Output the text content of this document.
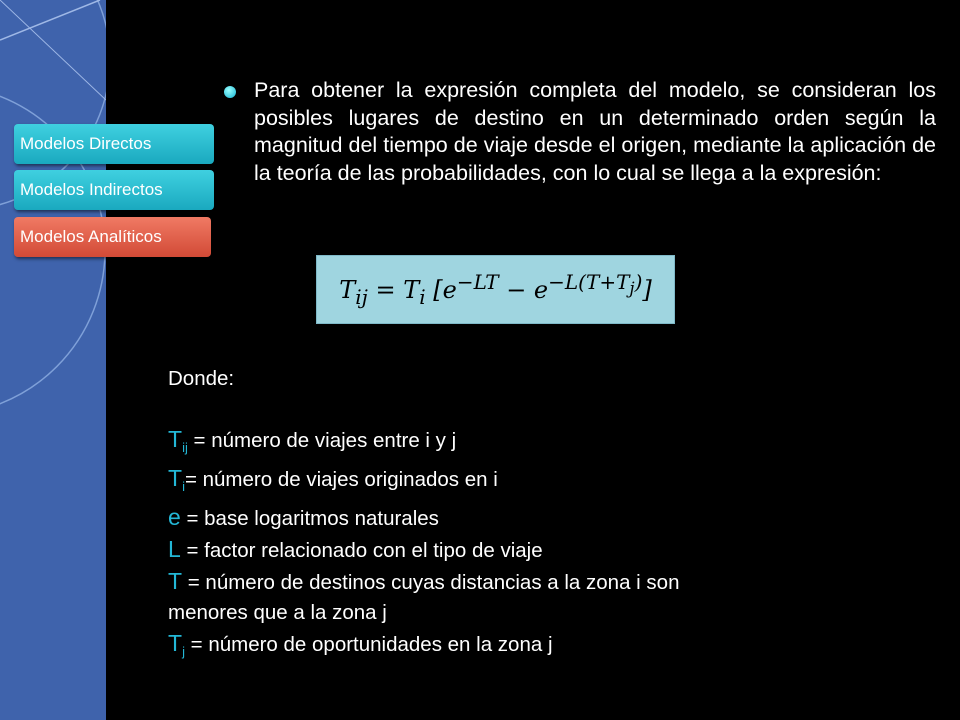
Modelos Directos
Modelos Indirectos
Modelos Analíticos
Para obtener la expresión completa del modelo, se consideran los posibles lugares de destino en un determinado orden según la magnitud del tiempo de viaje desde el origen, mediante la aplicación de la teoría de las probabilidades, con lo cual se llega a la expresión:
$T_{ij} = T_i$ $[e^{-LT} - e^{-L(T+T_j)}]$
Donde:
$T_{ij}$ = número de viajes entre i y j
$T_i=$ número de viajes originados en i
e = base logaritmos naturales
L = factor relacionado con el tipo de viaje
T = número de destinos cuyas distancias a la zona i son
menores que a la zona j
$T_j$ = número de oportunidades en la zona j
